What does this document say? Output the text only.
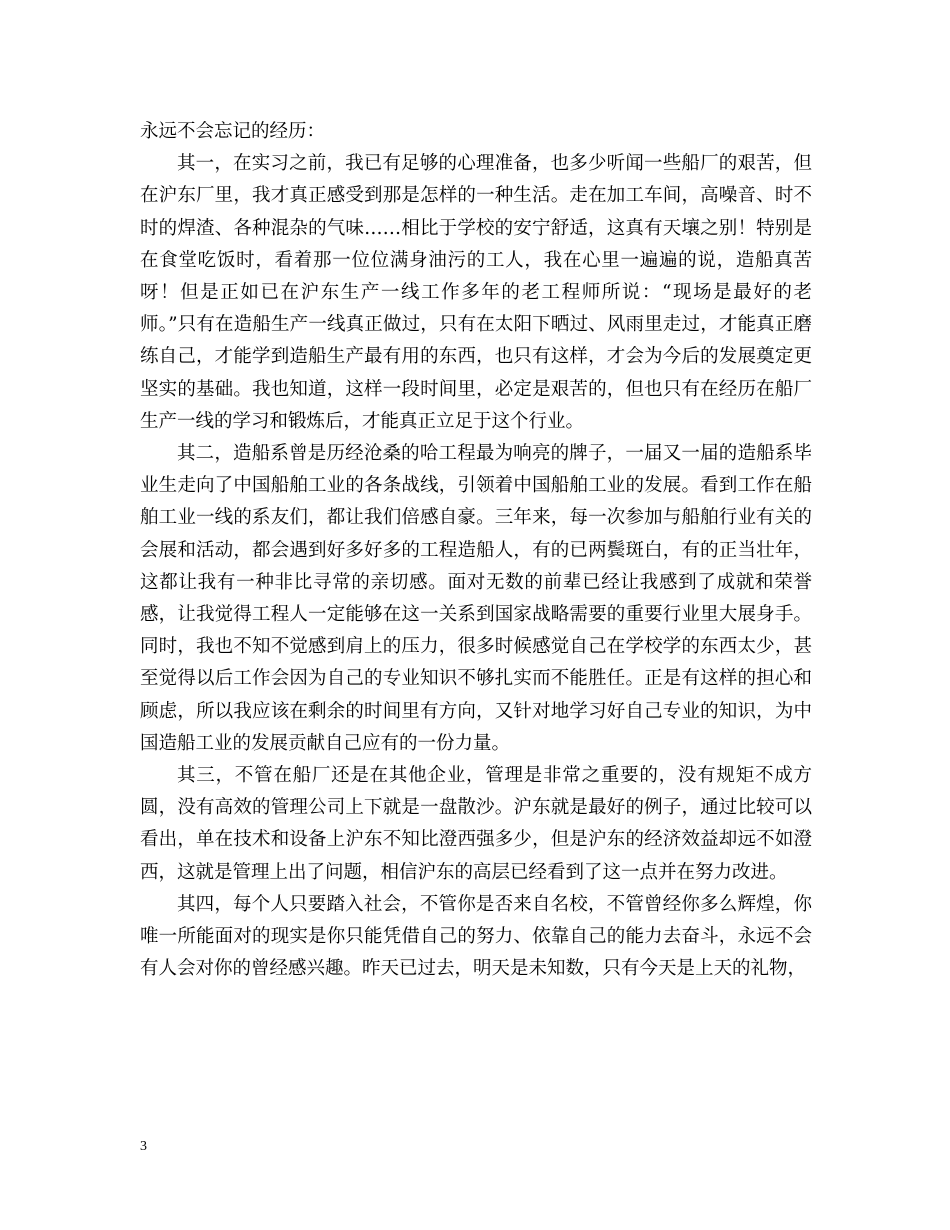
永远不会忘记的经历：

其一，在实习之前，我已有足够的心理准备，也多少听闻一些船厂的艰苦，但在沪东厂里，我才真正感受到那是怎样的一种生活。走在加工车间，高噪音、时不时的焊渣、各种混杂的气味……相比于学校的安宁舒适，这真有天壤之别！特别是在食堂吃饭时，看着那一位位满身油污的工人，我在心里一遍遍的说，造船真苦呀！但是正如已在沪东生产一线工作多年的老工程师所说：“现场是最好的老师。”只有在造船生产一线真正做过，只有在太阳下晒过、风雨里走过，才能真正磨练自己，才能学到造船生产最有用的东西，也只有这样，才会为今后的发展奠定更坚实的基础。我也知道，这样一段时间里，必定是艰苦的，但也只有在经历在船厂生产一线的学习和锻炼后，才能真正立足于这个行业。

其二，造船系曾是历经沧桑的哈工程最为响亮的牌子，一届又一届的造船系毕业生走向了中国船舶工业的各条战线，引领着中国船舶工业的发展。看到工作在船舶工业一线的系友们，都让我们倍感自豪。三年来，每一次参加与船舶行业有关的会展和活动，都会遇到好多好多的工程造船人，有的已两鬓斑白，有的正当壮年，这都让我有一种非比寻常的亲切感。面对无数的前辈已经让我感到了成就和荣誉感，让我觉得工程人一定能够在这一关系到国家战略需要的重要行业里大展身手。同时，我也不知不觉感到肩上的压力，很多时候感觉自己在学校学的东西太少，甚至觉得以后工作会因为自己的专业知识不够扎实而不能胜任。正是有这样的担心和顾虑，所以我应该在剩余的时间里有方向，又针对地学习好自己专业的知识，为中国造船工业的发展贡献自己应有的一份力量。

其三，不管在船厂还是在其他企业，管理是非常之重要的，没有规矩不成方圆，没有高效的管理公司上下就是一盘散沙。沪东就是最好的例子，通过比较可以看出，单在技术和设备上沪东不知比澄西强多少，但是沪东的经济效益却远不如澄西，这就是管理上出了问题，相信沪东的高层已经看到了这一点并在努力改进。

其四，每个人只要踏入社会，不管你是否来自名校，不管曾经你多么辉煌，你唯一所能面对的现实是你只能凭借自己的努力、依靠自己的能力去奋斗，永远不会有人会对你的曾经感兴趣。昨天已过去，明天是未知数，只有今天是上天的礼物，

3
